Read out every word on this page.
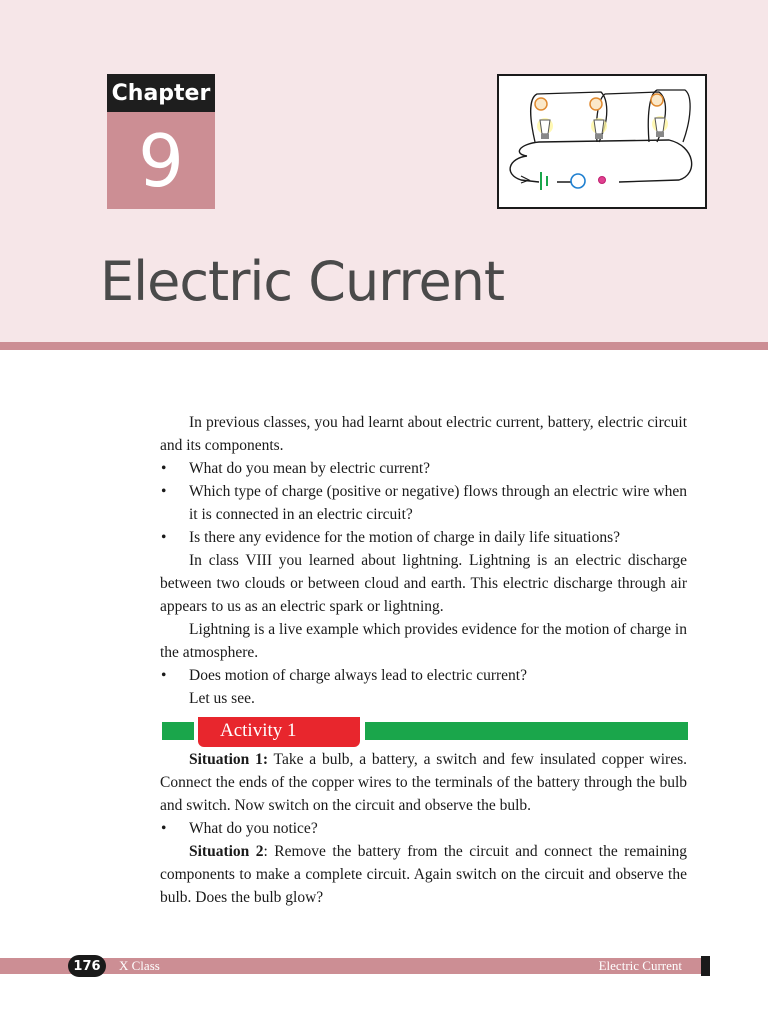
Chapter
9
Electric Current

In previous classes, you had learnt about electric current, battery, electric circuit and its components.

• What do you mean by electric current?

• Which type of charge (positive or negative) flows through an electric wire when it is connected in an electric circuit?

• Is there any evidence for the motion of charge in daily life situations?

In class VIII you learned about lightning. Lightning is an electric discharge between two clouds or between cloud and earth. This electric discharge through air appears to us as an electric spark or lightning.

Lightning is a live example which provides evidence for the motion of charge in the atmosphere.

• Does motion of charge always lead to electric current?

Let us see.

Activity 1

Situation 1: Take a bulb, a battery, a switch and few insulated copper wires. Connect the ends of the copper wires to the terminals of the battery through the bulb and switch. Now switch on the circuit and observe the bulb.

• What do you notice?

Situation 2: Remove the battery from the circuit and connect the remaining components to make a complete circuit. Again switch on the circuit and observe the bulb. Does the bulb glow?

176	X Class	Electric Current
